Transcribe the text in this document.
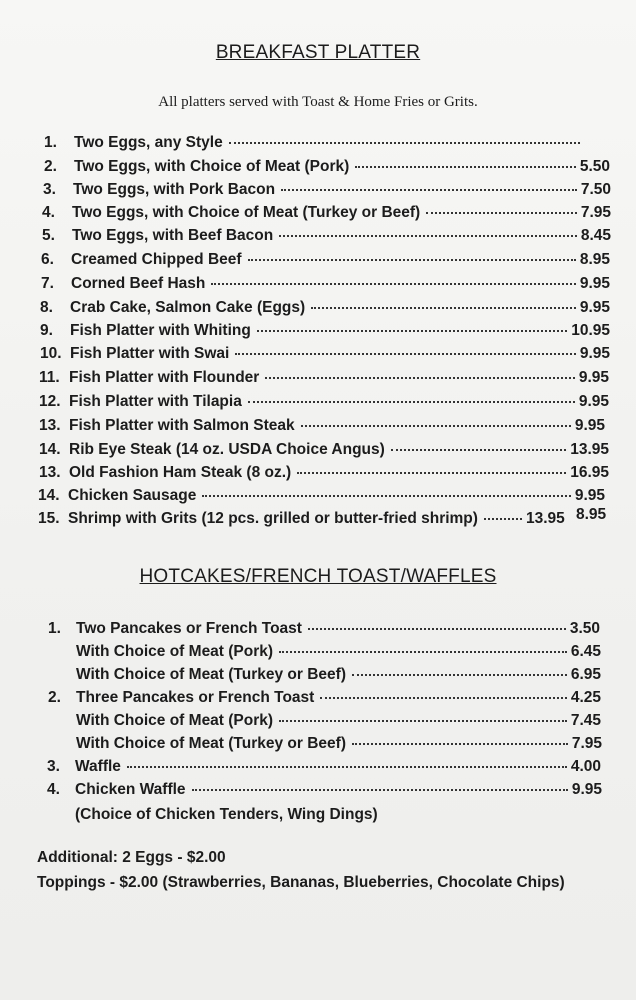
BREAKFAST PLATTER
All platters served with Toast & Home Fries or Grits.
1.	Two Eggs, any Style
2.	Two Eggs, with Choice of Meat (Pork)	5.50
3.	Two Eggs, with Pork Bacon	7.50
4.	Two Eggs, with Choice of Meat (Turkey or Beef)	7.95
5.	Two Eggs, with Beef Bacon	8.45
6.	Creamed Chipped Beef	8.95
7.	Corned Beef Hash	9.95
8.	Crab Cake, Salmon Cake (Eggs)	9.95
9.	Fish Platter with Whiting	10.95
10. Fish Platter with Swai	9.95
11. Fish Platter with Flounder	9.95
12. Fish Platter with Tilapia	9.95
13. Fish Platter with Salmon Steak	9.95
14. Rib Eye Steak (14 oz. USDA Choice Angus)	13.95
13. Old Fashion Ham Steak (8 oz.)	16.95
14. Chicken Sausage	9.95
15. Shrimp with Grits (12 pcs. grilled or butter-fried shrimp)	13.95 8.95
HOTCAKES/FRENCH TOAST/WAFFLES
1. Two Pancakes or French Toast	3.50
With Choice of Meat (Pork)	6.45
With Choice of Meat (Turkey or Beef)	6.95
2. Three Pancakes or French Toast	4.25
With Choice of Meat (Pork)	7.45
With Choice of Meat (Turkey or Beef)	7.95
3. Waffle	4.00
4. Chicken Waffle	9.95
(Choice of Chicken Tenders, Wing Dings)
Additional: 2 Eggs - $2.00
Toppings - $2.00 (Strawberries, Bananas, Blueberries, Chocolate Chips)
